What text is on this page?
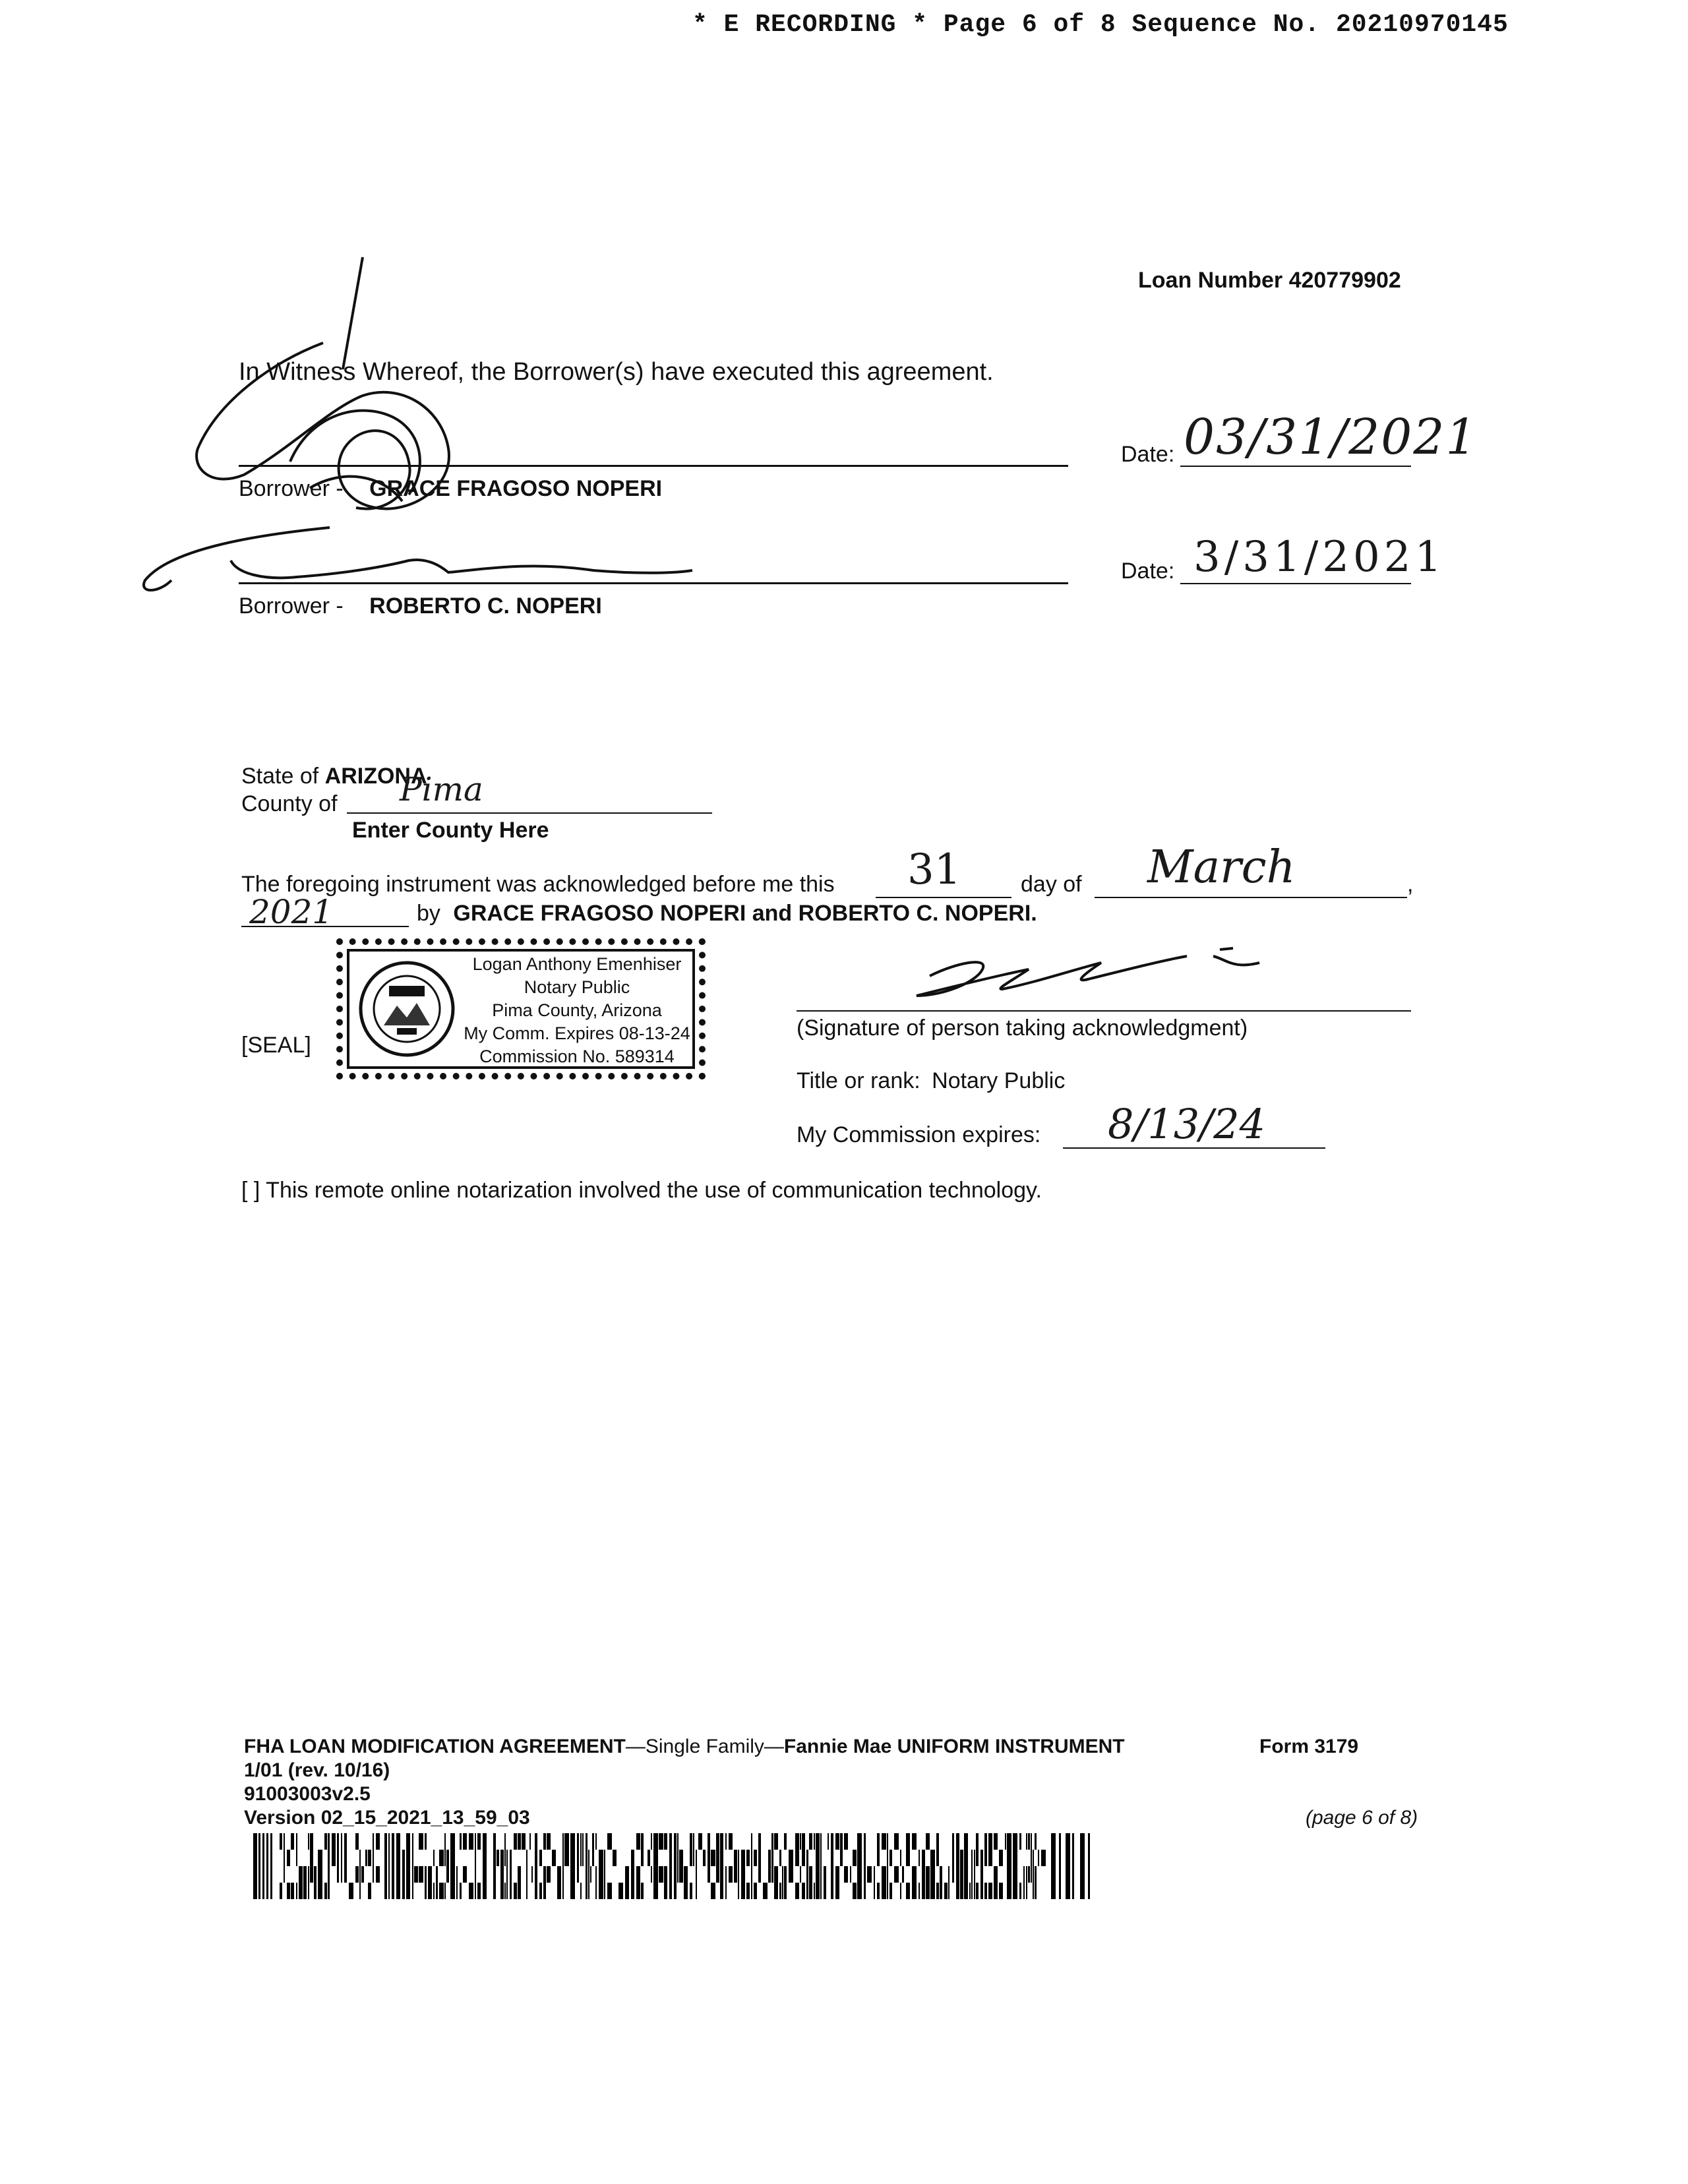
* E RECORDING * Page 6 of 8 Sequence No. 20210970145
Loan Number 420779902
In Witness Whereof, the Borrower(s) have executed this agreement.
Borrower - GRACE FRAGOSO NOPERI
Date: 03/31/2021
Borrower - ROBERTO C. NOPERI
Date: 3/31/2021
State of ARIZONA
County of Pima
Enter County Here
The foregoing instrument was acknowledged before me this 31	day of March	,
2021	by GRACE FRAGOSO NOPERI and ROBERTO C. NOPERI.
[SEAL]
Logan Anthony Emenhiser
Notary Public
Pima County, Arizona
My Comm. Expires 08-13-24
Commission No. 589314
(Signature of person taking acknowledgment)
Title or rank: Notary Public
My Commission expires: 8/13/24
[ ] This remote online notarization involved the use of communication technology.
FHA LOAN MODIFICATION AGREEMENT—Single Family—Fannie Mae UNIFORM INSTRUMENT	Form 3179
1/01 (rev. 10/16)
91003003v2.5
Version 02_15_2021_13_59_03	(page 6 of 8)
